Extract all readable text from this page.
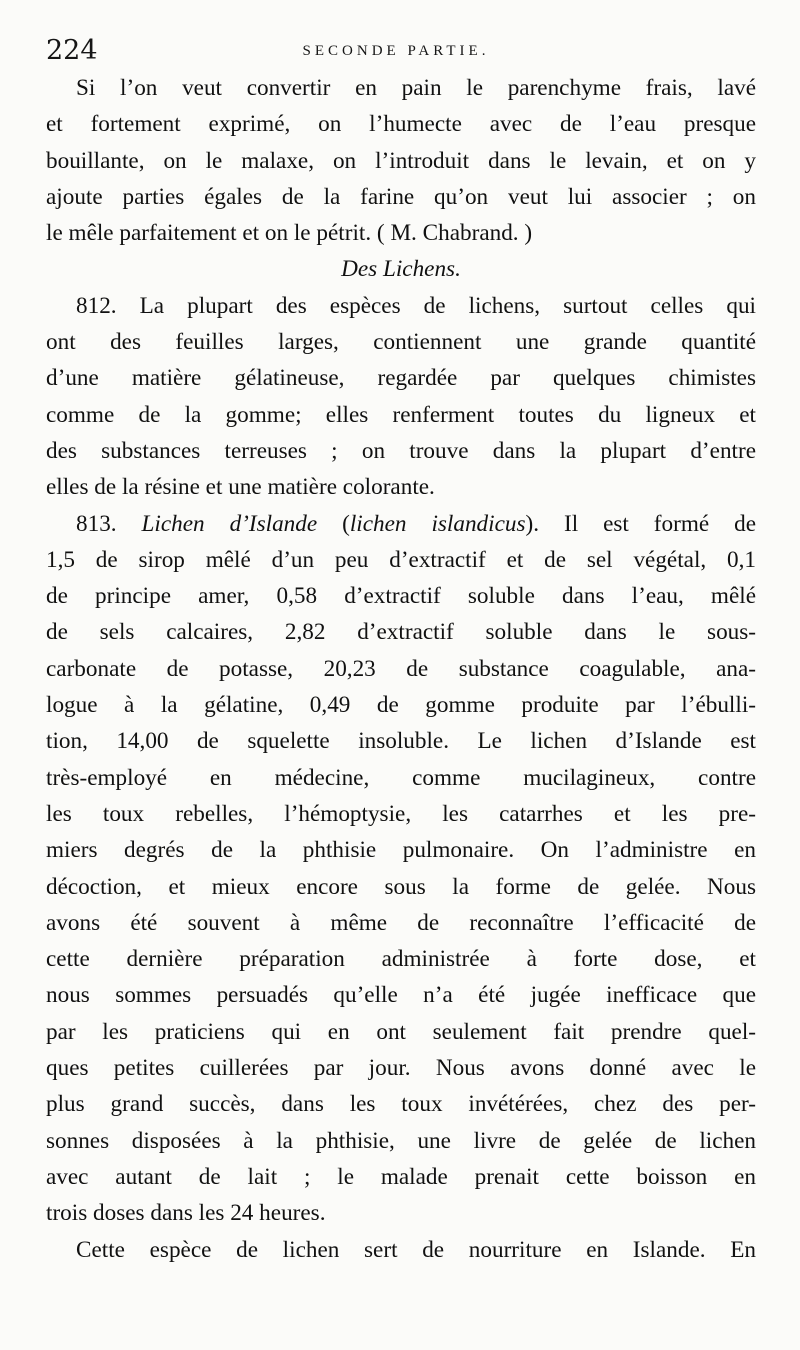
224	SECONDE PARTIE.
Si l’on veut convertir en pain le parenchyme frais, lavé
et fortement exprimé, on l’humecte avec de l’eau presque
bouillante, on le malaxe, on l’introduit dans le levain, et on y
ajoute parties égales de la farine qu’on veut lui associer ; on
le mêle parfaitement et on le pétrit. ( M. Chabrand. )
Des Lichens.
812. La plupart des espèces de lichens, surtout celles qui
ont des feuilles larges, contiennent une grande quantité
d’une matière gélatineuse, regardée par quelques chimistes
comme de la gomme; elles renferment toutes du ligneux et
des substances terreuses ; on trouve dans la plupart d’entre
elles de la résine et une matière colorante.
813. Lichen d’Islande (lichen islandicus). Il est formé de
1,5 de sirop mêlé d’un peu d’extractif et de sel végétal, 0,1
de principe amer, 0,58 d’extractif soluble dans l’eau, mêlé
de sels calcaires, 2,82 d’extractif soluble dans le sous-
carbonate de potasse, 20,23 de substance coagulable, ana-
logue à la gélatine, 0,49 de gomme produite par l’ébulli-
tion, 14,00 de squelette insoluble. Le lichen d’Islande est
très-employé en médecine, comme mucilagineux, contre
les toux rebelles, l’hémoptysie, les catarrhes et les pre-
miers degrés de la phthisie pulmonaire. On l’administre en
décoction, et mieux encore sous la forme de gelée. Nous
avons été souvent à même de reconnaître l’efficacité de
cette dernière préparation administrée à forte dose, et
nous sommes persuadés qu’elle n’a été jugée inefficace que
par les praticiens qui en ont seulement fait prendre quel-
ques petites cuillerées par jour. Nous avons donné avec le
plus grand succès, dans les toux invétérées, chez des per-
sonnes disposées à la phthisie, une livre de gelée de lichen
avec autant de lait ; le malade prenait cette boisson en
trois doses dans les 24 heures.
Cette espèce de lichen sert de nourriture en Islande. En
